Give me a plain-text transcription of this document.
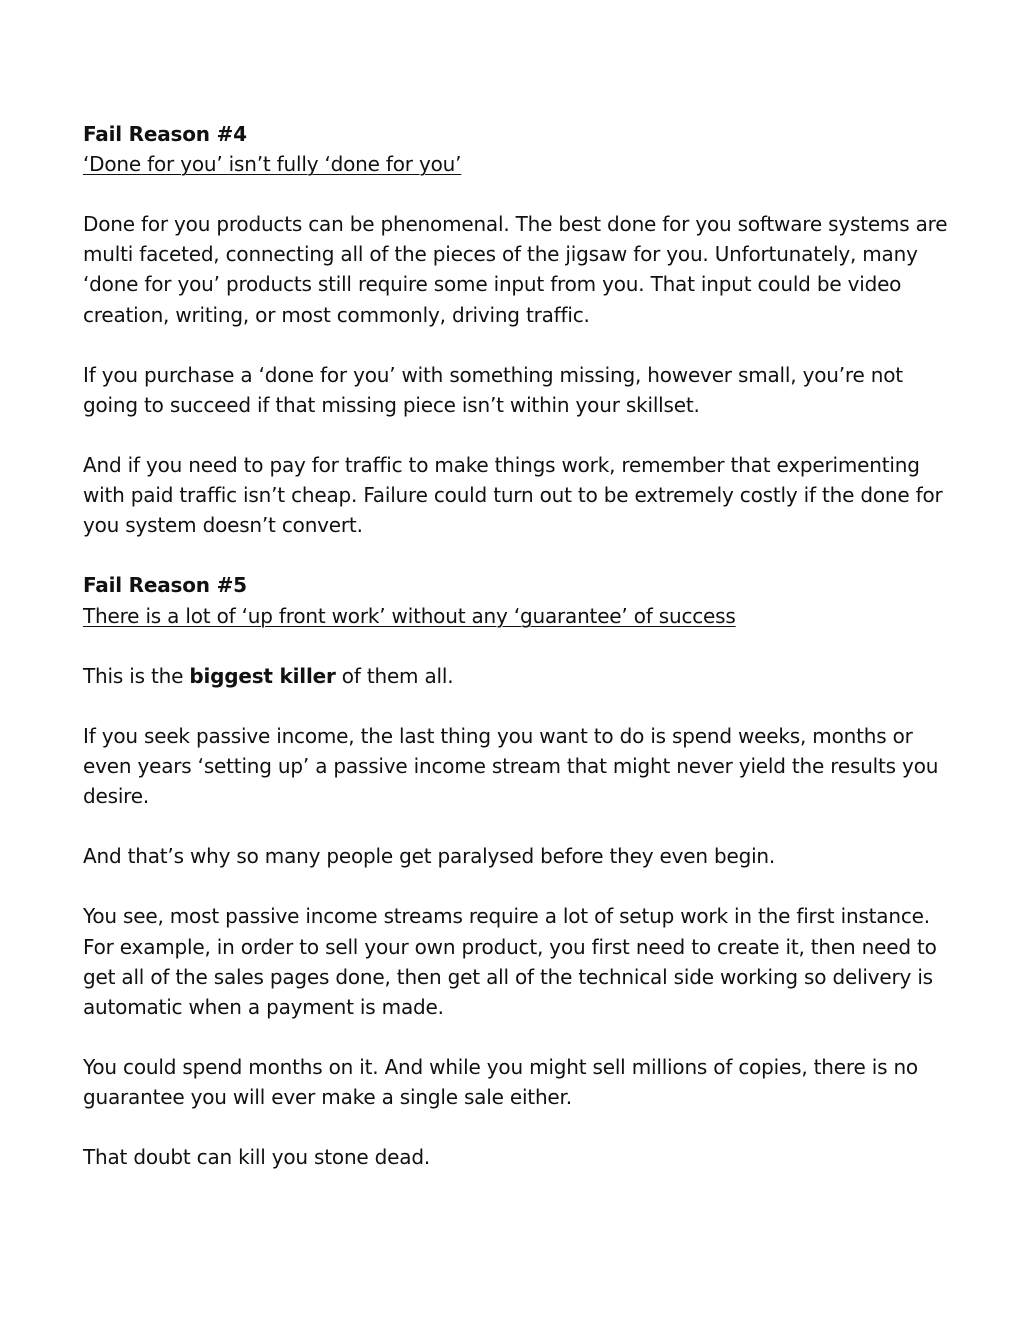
Fail Reason #4
‘Done for you’ isn’t fully ‘done for you’

Done for you products can be phenomenal. The best done for you software systems are multi faceted, connecting all of the pieces of the jigsaw for you. Unfortunately, many ‘done for you’ products still require some input from you. That input could be video creation, writing, or most commonly, driving traffic.

If you purchase a ‘done for you’ with something missing, however small, you’re not going to succeed if that missing piece isn’t within your skillset.

And if you need to pay for traffic to make things work, remember that experimenting with paid traffic isn’t cheap. Failure could turn out to be extremely costly if the done for you system doesn’t convert.

Fail Reason #5
There is a lot of ‘up front work’ without any ‘guarantee’ of success

This is the biggest killer of them all.

If you seek passive income, the last thing you want to do is spend weeks, months or even years ‘setting up’ a passive income stream that might never yield the results you desire.

And that’s why so many people get paralysed before they even begin.

You see, most passive income streams require a lot of setup work in the first instance. For example, in order to sell your own product, you first need to create it, then need to get all of the sales pages done, then get all of the technical side working so delivery is automatic when a payment is made.

You could spend months on it. And while you might sell millions of copies, there is no guarantee you will ever make a single sale either.

That doubt can kill you stone dead.
